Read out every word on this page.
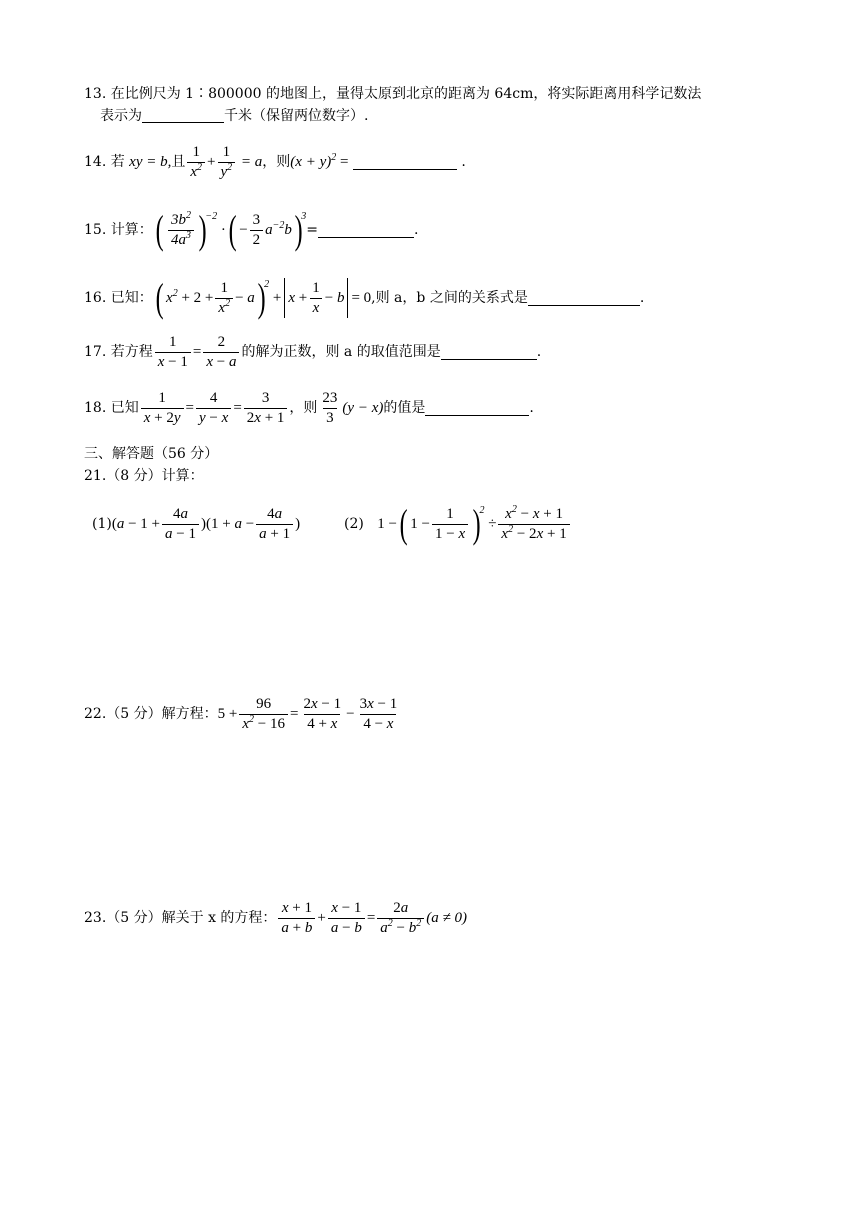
13. 在比例尺为 1∶800000 的地图上，量得太原到北京的距离为 64cm，将实际距离用科学记数法
表示为	千米（保留两位数字）.
14.
若
xy = b, 且 $\frac{1}{x^2} + \frac{1}{y^2} = a$ ，则 $(x + y)^2$ =

	.
15.
计算： ( $\frac{3b^2}{4a^3}$ )
−2
· ( − $\frac{3}{2} a^{-2}b$ )
3
=	.
16.
已知： ( $x^2 + 2 + \frac{1}{x^2} - a$ )
2
+ $x + \frac{1}{x} - b = 0$ ,则 a，b 之间的关系式是	.
17.
若方程 $\frac{1}{x - 1} = \frac{2}{x - a}$ 的解为正数，则 a 的取值范围是	.
18.
已知 $\frac{1}{x + 2y} = \frac{4}{y - x} = \frac{3}{2x + 1}$ ，则 $\frac{23}{3} (y - x)$ 的值是	.
三、解答题（56 分）
21.（8 分）计算：
(1) $(a - 1 + \frac{4a}{a - 1} )(1 + a - \frac{4a}{a + 1}$ )	(2)
1 − ( $1 - \frac{1}{1 - x}$ )
2
÷ $\frac{x^2 - x + 1}{x^2 - 2x + 1}$
22. （5 分）解方程： $5 + \frac{96}{x^2 - 16} = \frac{2x - 1}{4 + x} - \frac{3x - 1}{4 - x}$
23. （5 分）解关于 x 的方程： $\frac{x + 1}{a + b} + \frac{x - 1}{a - b} = \frac{2a}{a^2 - b^2} (a \ne 0)$
